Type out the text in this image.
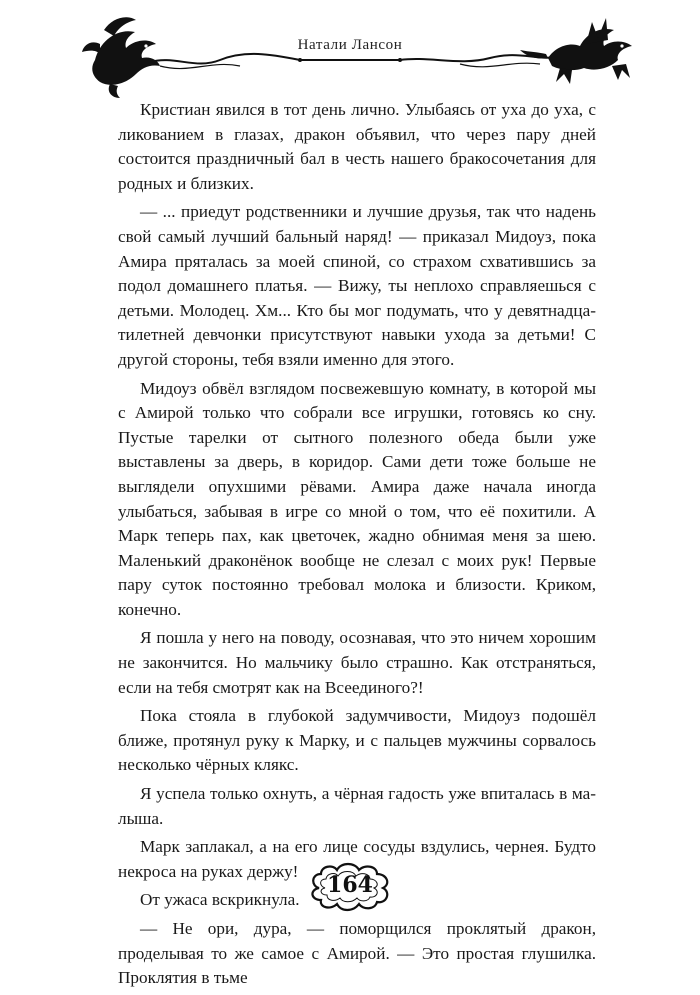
Натали Лансон

Кристиан явился в тот день лично. Улыбаясь от уха до уха, с ликованием в глазах, дракон объявил, что через пару дней состоится праздничный бал в честь нашего бракосочетания для родных и близких.

— ... приедут родственники и лучшие друзья, так что надень свой самый лучший бальный наряд! — приказал Мидоуз, пока Амира пряталась за моей спиной, со страхом схватившись за подол домашнего платья. — Вижу, ты неплохо справляешься с детьми. Молодец. Хм... Кто бы мог подумать, что у девятнадцатилетней девчонки присутствуют навыки ухода за детьми! С другой стороны, тебя взяли именно для этого.

Мидоуз обвёл взглядом посвежевшую комнату, в которой мы с Амирой только что собрали все игрушки, готовясь ко сну. Пустые тарелки от сытного полезного обеда были уже выставлены за дверь, в коридор. Сами дети тоже больше не выглядели опухшими рёвами. Амира даже начала иногда улыбаться, забывая в игре со мной о том, что её похитили. А Марк теперь пах, как цветочек, жадно обнимая меня за шею. Маленький драконёнок вообще не слезал с моих рук! Первые пару суток постоянно требовал молока и близости. Криком, конечно.

Я пошла у него на поводу, осознавая, что это ничем хорошим не закончится. Но мальчику было страшно. Как отстраняться, если на тебя смотрят как на Всеединого?!

Пока стояла в глубокой задумчивости, Мидоуз подошёл ближе, протянул руку к Марку, и с пальцев мужчины сорвалось несколько чёрных клякс.

Я успела только охнуть, а чёрная гадость уже впиталась в малыша.

Марк заплакал, а на его лице сосуды вздулись, чернея. Будто некроса на руках держу!

От ужаса вскрикнула.

— Не ори, дура, — поморщился проклятый дракон, проделывая то же самое с Амирой. — Это простая глушилка. Проклятия в тьме

164
